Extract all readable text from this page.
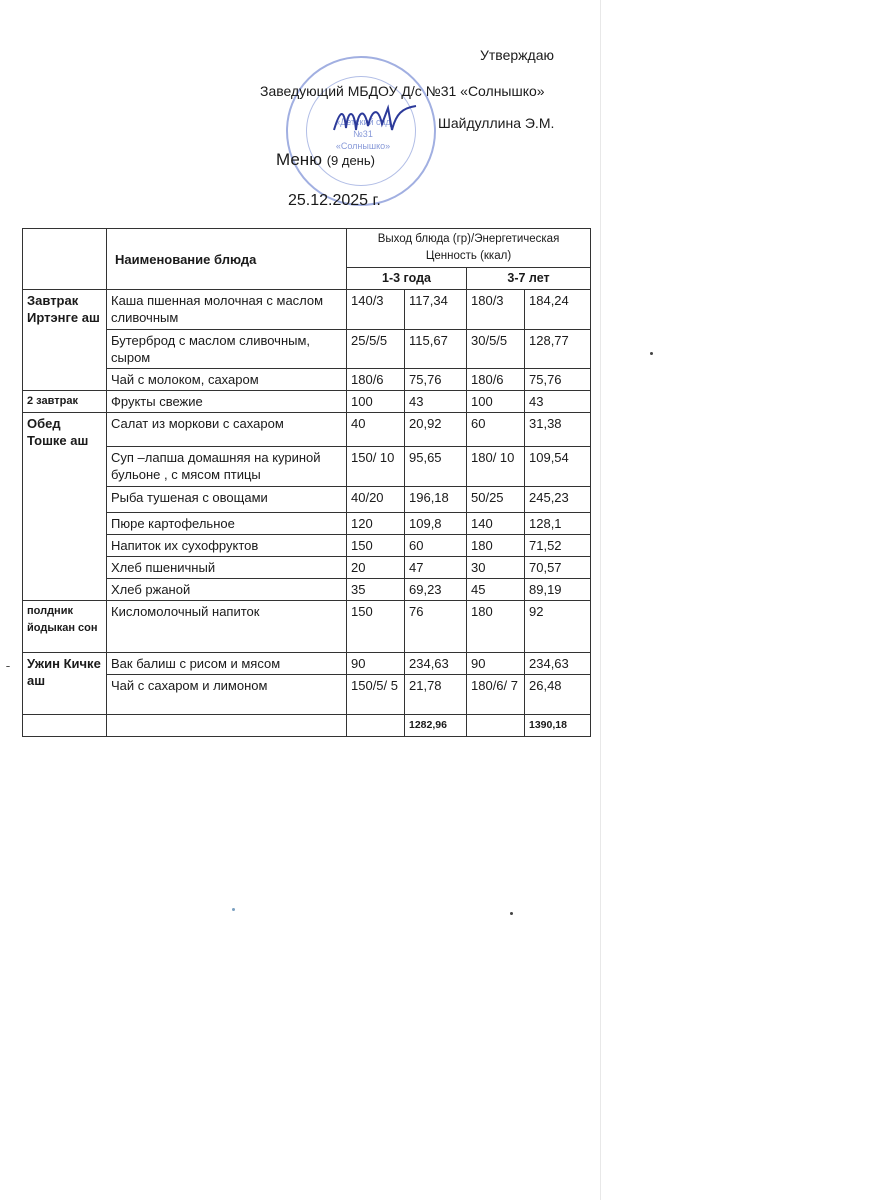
«Детский сад
№31
«Солнышко»
Утверждаю
Заведующий МБДОУ Д/с №31 «Солнышко»
Шайдуллина Э.М.
Меню (9 день)
25.12.2025 г.
	Наименование блюда	Выход блюда (гр)/Энергетическая Ценность (ккал)			
		1-3 года		3-7 лет	
Завтрак Иртэнге аш	Каша пшенная молочная с маслом сливочным	140/3	117,34	180/3	184,24
	Бутерброд с маслом сливочным, сыром	25/5/5	115,67	30/5/5	128,77
	Чай с молоком, сахаром	180/6	75,76	180/6	75,76
2 завтрак	Фрукты свежие	100	43	100	43
Обед Тошке аш	Салат из моркови с сахаром	40	20,92	60	31,38
	Суп –лапша домашняя на куриной бульоне , с мясом птицы	150/ 10	95,65	180/ 10	109,54
	Рыба тушеная с овощами	40/20	196,18	50/25	245,23
	Пюре картофельное	120	109,8	140	128,1
	Напиток их сухофруктов	150	60	180	71,52
	Хлеб пшеничный	20	47	30	70,57
	Хлеб ржаной	35	69,23	45	89,19
полдник йодыкан сон	Кисломолочный напиток	150	76	180	92
Ужин Кичке аш	Вак балиш с рисом и мясом	90	234,63	90	234,63
	Чай с сахаром и лимоном	150/5/ 5	21,78	180/6/ 7	26,48
			1282,96		1390,18
